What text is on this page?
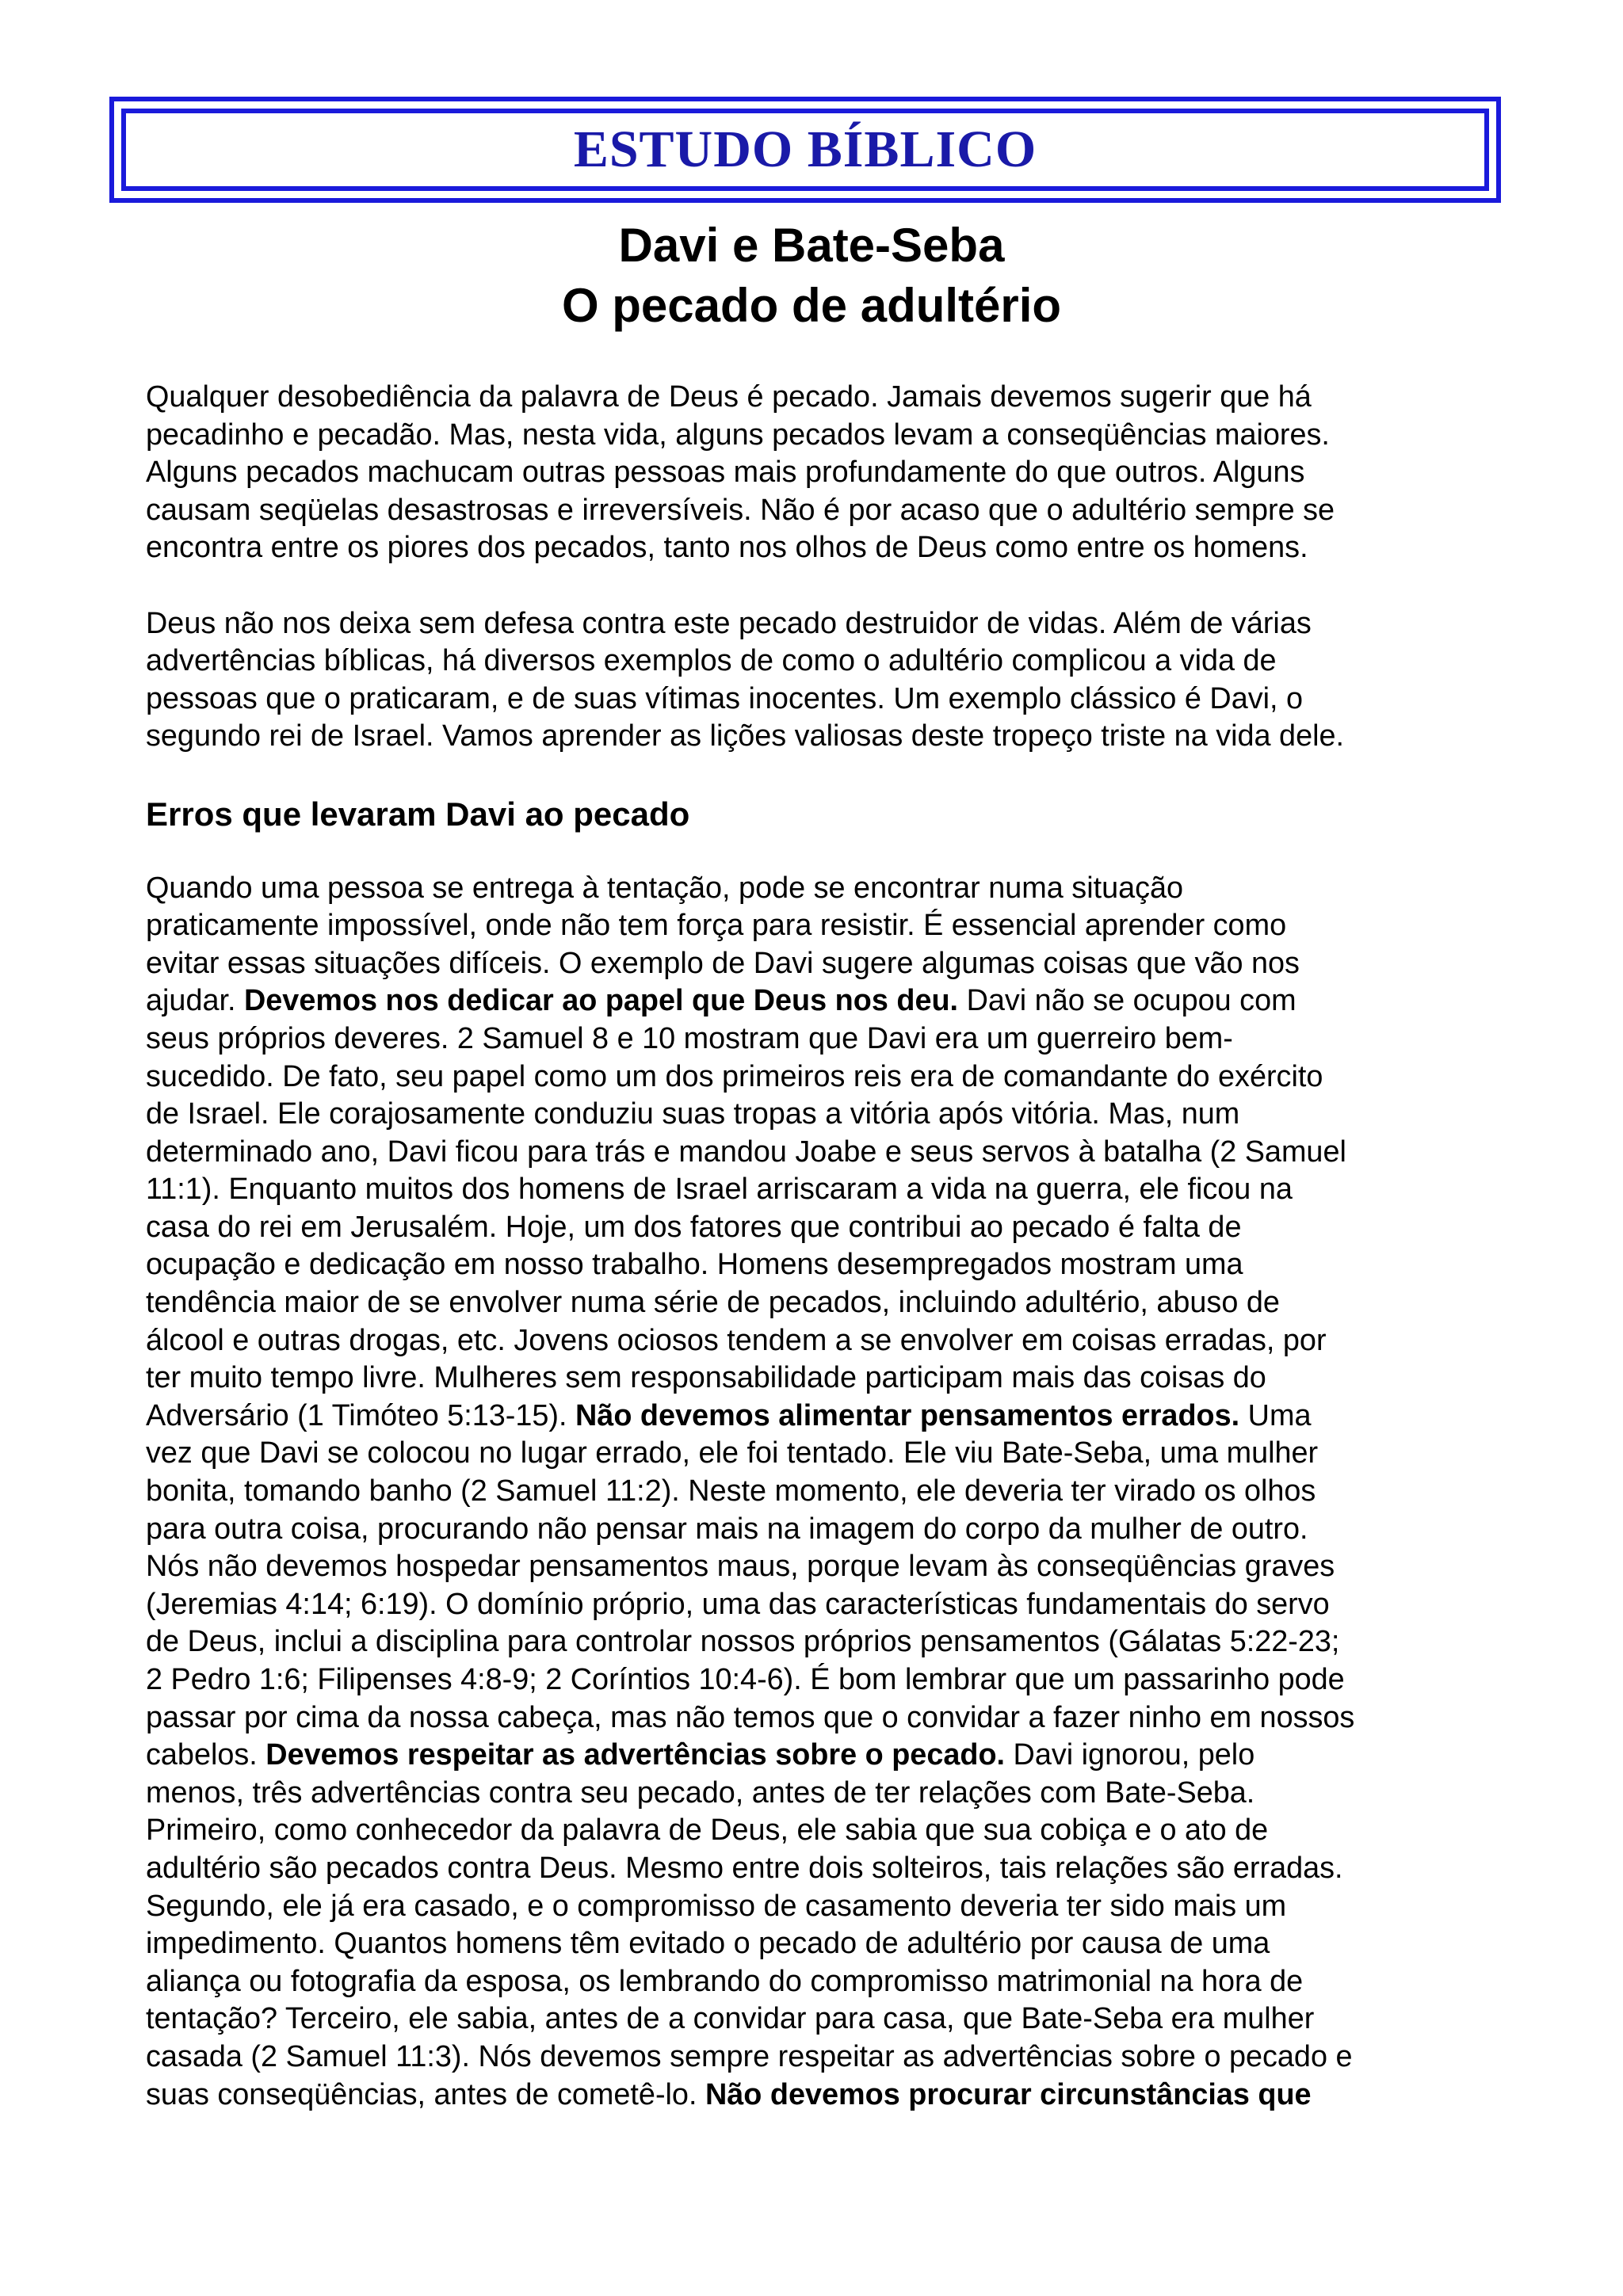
ESTUDO BÍBLICO
Davi e Bate-Seba
O pecado de adultério

Qualquer desobediência da palavra de Deus é pecado. Jamais devemos sugerir que há
pecadinho e pecadão. Mas, nesta vida, alguns pecados levam a conseqüências maiores.
Alguns pecados machucam outras pessoas mais profundamente do que outros. Alguns
causam seqüelas desastrosas e irreversíveis. Não é por acaso que o adultério sempre se
encontra entre os piores dos pecados, tanto nos olhos de Deus como entre os homens.

Deus não nos deixa sem defesa contra este pecado destruidor de vidas. Além de várias
advertências bíblicas, há diversos exemplos de como o adultério complicou a vida de
pessoas que o praticaram, e de suas vítimas inocentes. Um exemplo clássico é Davi, o
segundo rei de Israel. Vamos aprender as lições valiosas deste tropeço triste na vida dele.

Erros que levaram Davi ao pecado

Quando uma pessoa se entrega à tentação, pode se encontrar numa situação
praticamente impossível, onde não tem força para resistir. É essencial aprender como
evitar essas situações difíceis. O exemplo de Davi sugere algumas coisas que vão nos
ajudar. Devemos nos dedicar ao papel que Deus nos deu. Davi não se ocupou com
seus próprios deveres. 2 Samuel 8 e 10 mostram que Davi era um guerreiro bem-
sucedido. De fato, seu papel como um dos primeiros reis era de comandante do exército
de Israel. Ele corajosamente conduziu suas tropas a vitória após vitória. Mas, num
determinado ano, Davi ficou para trás e mandou Joabe e seus servos à batalha (2 Samuel
11:1). Enquanto muitos dos homens de Israel arriscaram a vida na guerra, ele ficou na
casa do rei em Jerusalém. Hoje, um dos fatores que contribui ao pecado é falta de
ocupação e dedicação em nosso trabalho. Homens desempregados mostram uma
tendência maior de se envolver numa série de pecados, incluindo adultério, abuso de
álcool e outras drogas, etc. Jovens ociosos tendem a se envolver em coisas erradas, por
ter muito tempo livre. Mulheres sem responsabilidade participam mais das coisas do
Adversário (1 Timóteo 5:13-15). Não devemos alimentar pensamentos errados. Uma
vez que Davi se colocou no lugar errado, ele foi tentado. Ele viu Bate-Seba, uma mulher
bonita, tomando banho (2 Samuel 11:2). Neste momento, ele deveria ter virado os olhos
para outra coisa, procurando não pensar mais na imagem do corpo da mulher de outro.
Nós não devemos hospedar pensamentos maus, porque levam às conseqüências graves
(Jeremias 4:14; 6:19). O domínio próprio, uma das características fundamentais do servo
de Deus, inclui a disciplina para controlar nossos próprios pensamentos (Gálatas 5:22-23;
2 Pedro 1:6; Filipenses 4:8-9; 2 Coríntios 10:4-6). É bom lembrar que um passarinho pode
passar por cima da nossa cabeça, mas não temos que o convidar a fazer ninho em nossos
cabelos. Devemos respeitar as advertências sobre o pecado. Davi ignorou, pelo
menos, três advertências contra seu pecado, antes de ter relações com Bate-Seba.
Primeiro, como conhecedor da palavra de Deus, ele sabia que sua cobiça e o ato de
adultério são pecados contra Deus. Mesmo entre dois solteiros, tais relações são erradas.
Segundo, ele já era casado, e o compromisso de casamento deveria ter sido mais um
impedimento. Quantos homens têm evitado o pecado de adultério por causa de uma
aliança ou fotografia da esposa, os lembrando do compromisso matrimonial na hora de
tentação? Terceiro, ele sabia, antes de a convidar para casa, que Bate-Seba era mulher
casada (2 Samuel 11:3). Nós devemos sempre respeitar as advertências sobre o pecado e
suas conseqüências, antes de cometê-lo. Não devemos procurar circunstâncias que
